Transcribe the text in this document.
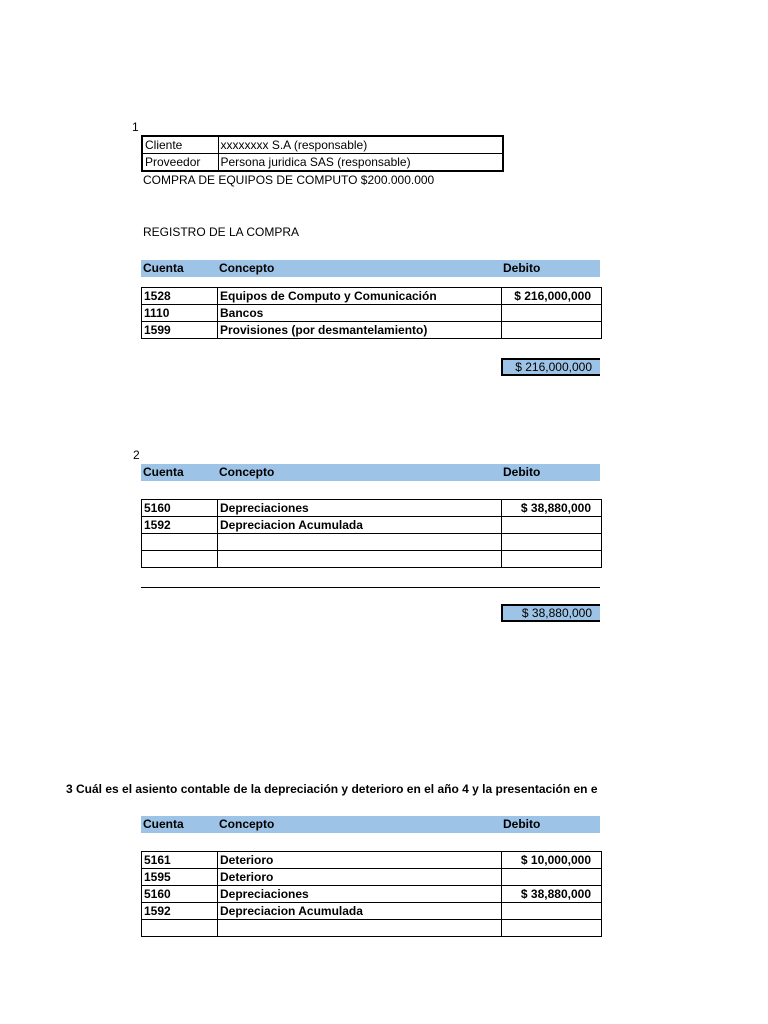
1
Cliente	xxxxxxxx S.A (responsable)
Proveedor	Persona juridica SAS (responsable)
COMPRA DE EQUIPOS DE COMPUTO $200.000.000
REGISTRO DE LA COMPRA
Cuenta	Concepto	Debito
1528	Equipos de Computo y Comunicación	$ 216,000,000
1110	Bancos	
1599	Provisiones (por desmantelamiento)	
$ 216,000,000
2
Cuenta	Concepto	Debito
5160	Depreciaciones	$ 38,880,000
1592	Depreciacion Acumulada	

$ 38,880,000
3 Cuál es el asiento contable de la depreciación y deterioro en el año 4 y la presentación en e
Cuenta	Concepto	Debito
5161	Deterioro	$ 10,000,000
1595	Deterioro	
5160	Depreciaciones	$ 38,880,000
1592	Depreciacion Acumulada	
